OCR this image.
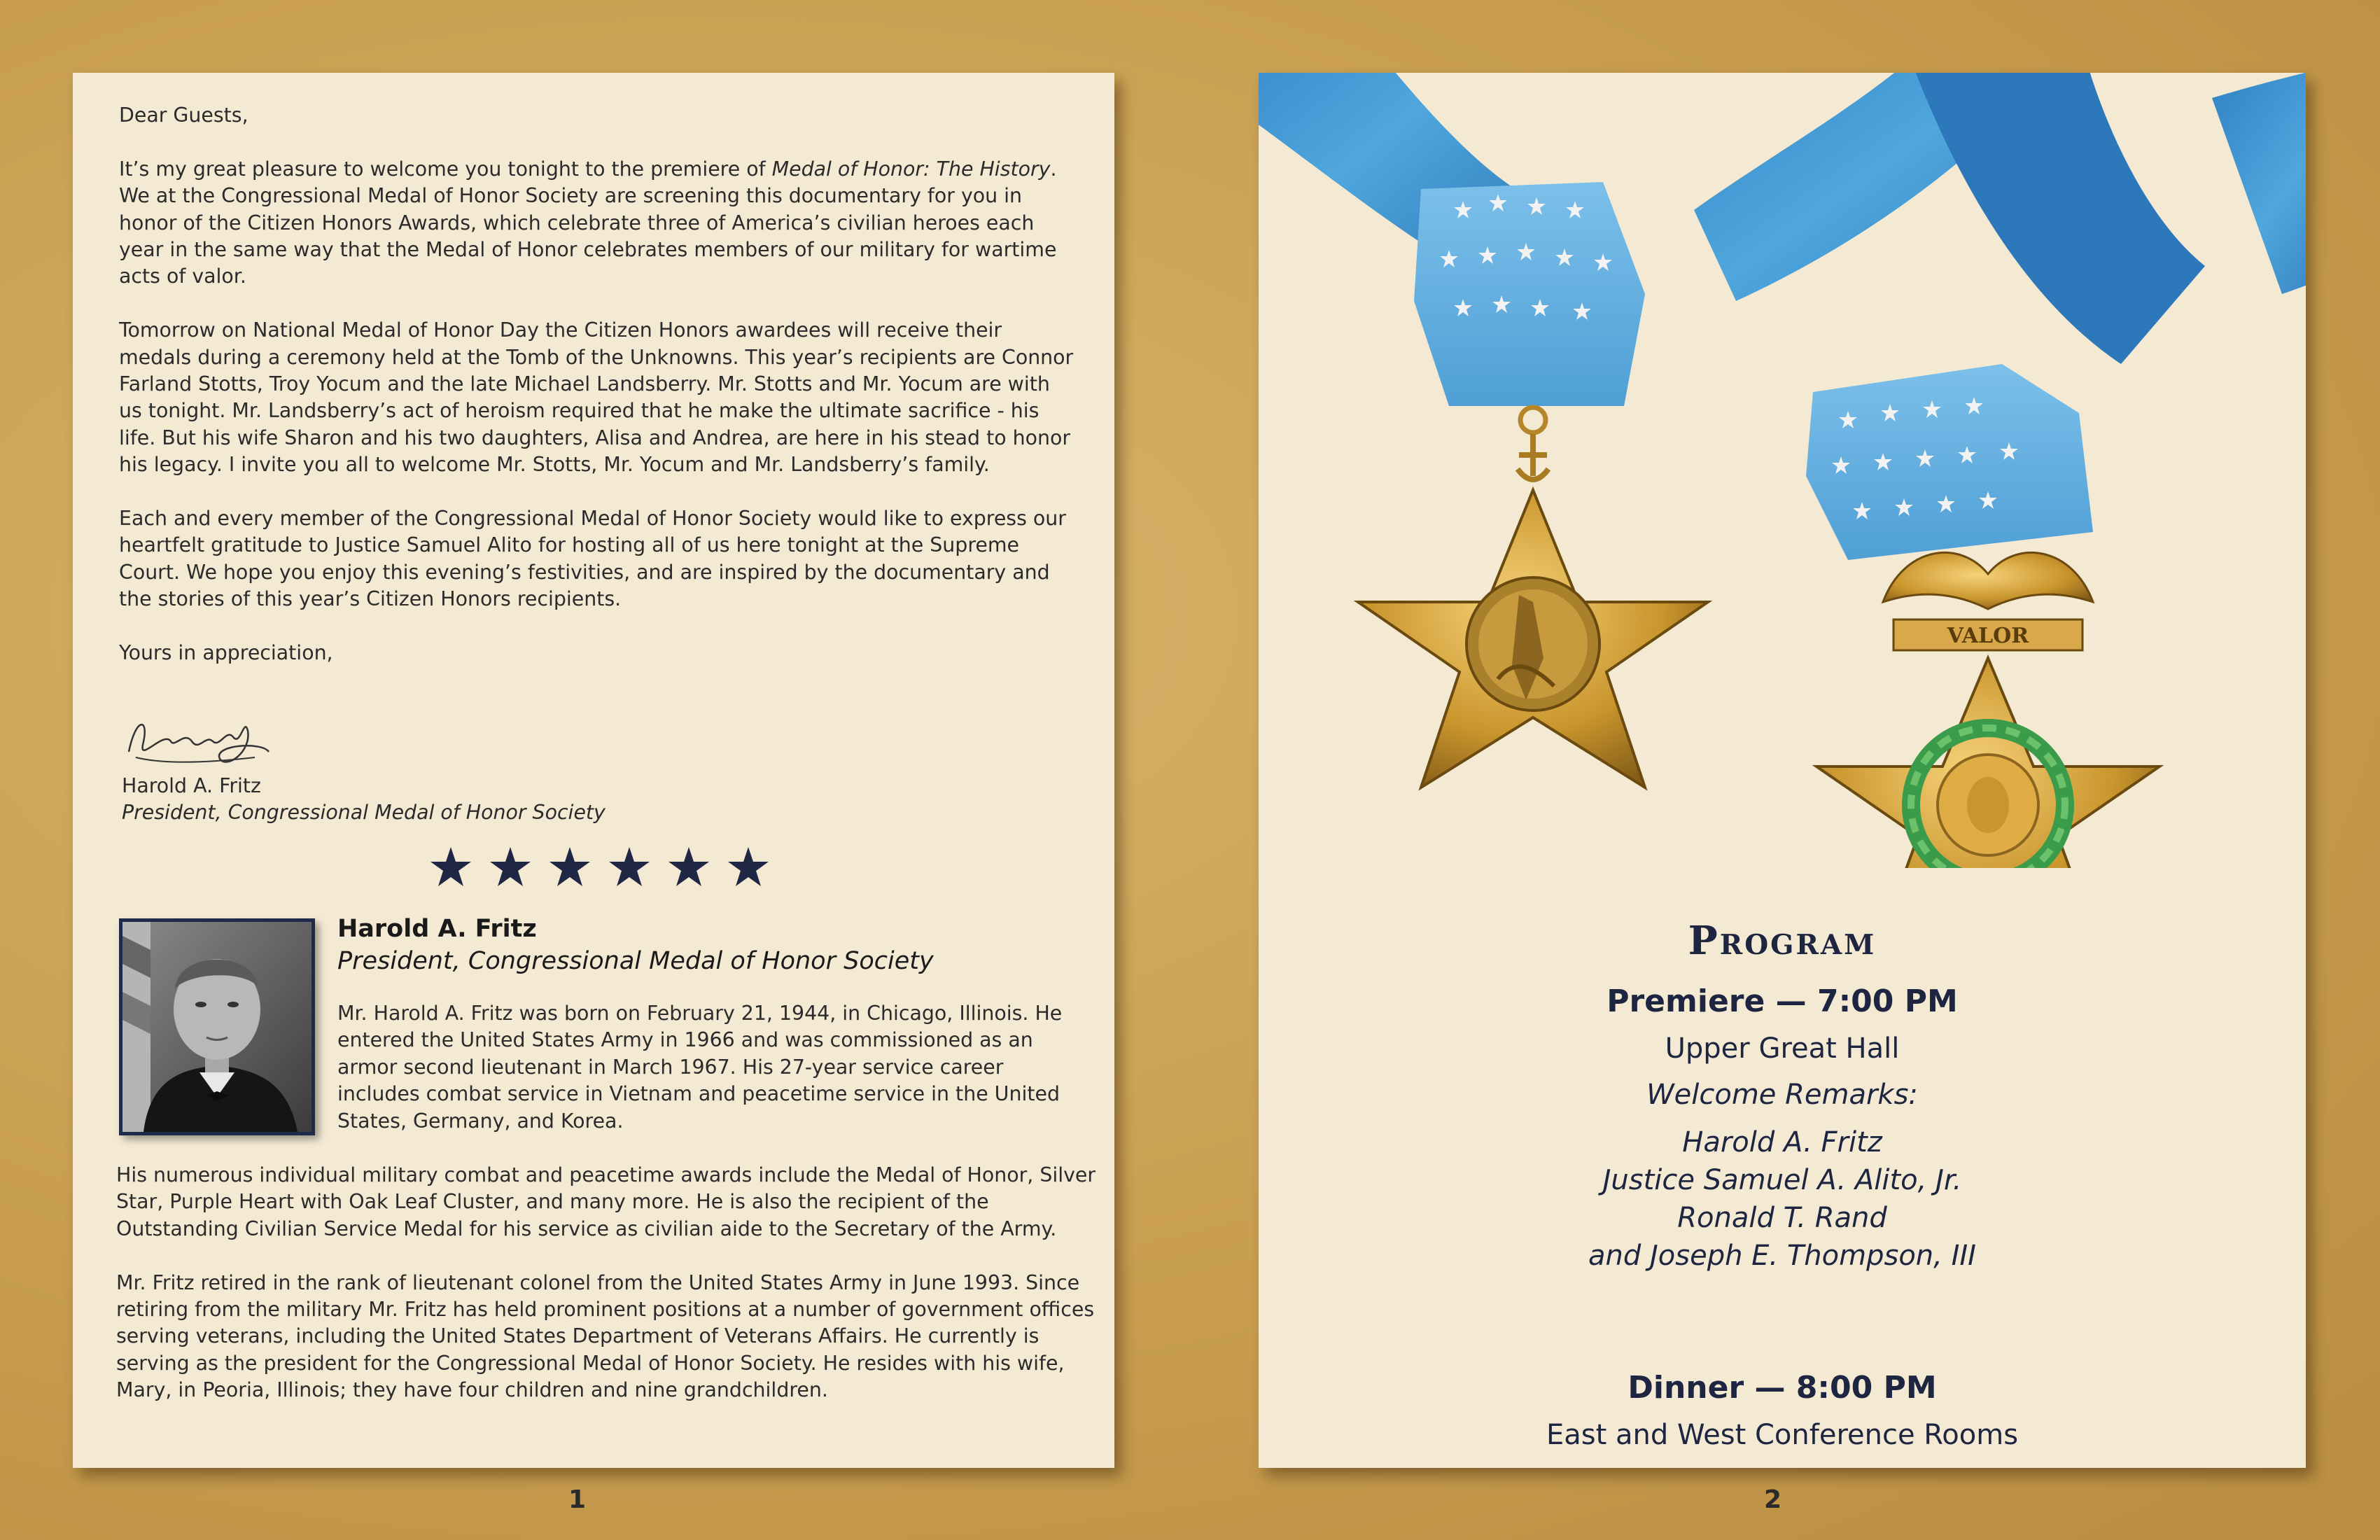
Dear Guests,

It’s my great pleasure to welcome you tonight to the premiere of Medal of Honor: The History. We at the Congressional Medal of Honor Society are screening this documentary for you in honor of the Citizen Honors Awards, which celebrate three of America’s civilian heroes each year in the same way that the Medal of Honor celebrates members of our military for wartime acts of valor.

Tomorrow on National Medal of Honor Day the Citizen Honors awardees will receive their medals during a ceremony held at the Tomb of the Unknowns. This year’s recipients are Connor Farland Stotts, Troy Yocum and the late Michael Landsberry. Mr. Stotts and Mr. Yocum are with us tonight. Mr. Landsberry’s act of heroism required that he make the ultimate sacrifice - his life. But his wife Sharon and his two daughters, Alisa and Andrea, are here in his stead to honor his legacy. I invite you all to welcome Mr. Stotts, Mr. Yocum and Mr. Landsberry’s family.

Each and every member of the Congressional Medal of Honor Society would like to express our heartfelt gratitude to Justice Samuel Alito for hosting all of us here tonight at the Supreme Court. We hope you enjoy this evening’s festivities, and are inspired by the documentary and the stories of this year’s Citizen Honors recipients.

Yours in appreciation,

Harold A. Fritz
President, Congressional Medal of Honor Society
Harold A. Fritz
President, Congressional Medal of Honor Society
Mr. Harold A. Fritz was born on February 21, 1944, in Chicago, Illinois. He entered the United States Army in 1966 and was commissioned as an armor second lieutenant in March 1967. His 27-year service career includes combat service in Vietnam and peacetime service in the United States, Germany, and Korea.

His numerous individual military combat and peacetime awards include the Medal of Honor, Silver Star, Purple Heart with Oak Leaf Cluster, and many more. He is also the recipient of the Outstanding Civilian Service Medal for his service as civilian aide to the Secretary of the Army.

Mr. Fritz retired in the rank of lieutenant colonel from the United States Army in June 1993. Since retiring from the military Mr. Fritz has held prominent positions at a number of government offices serving veterans, including the United States Department of Veterans Affairs. He currently is serving as the president for the Congressional Medal of Honor Society. He resides with his wife, Mary, in Peoria, Illinois; they have four children and nine grandchildren.

1
VALOR
Program
Premiere — 7:00 PM
Upper Great Hall
Welcome Remarks:
Harold A. Fritz
Justice Samuel A. Alito, Jr.
Ronald T. Rand
and Joseph E. Thompson, III
Dinner — 8:00 PM
East and West Conference Rooms
2
